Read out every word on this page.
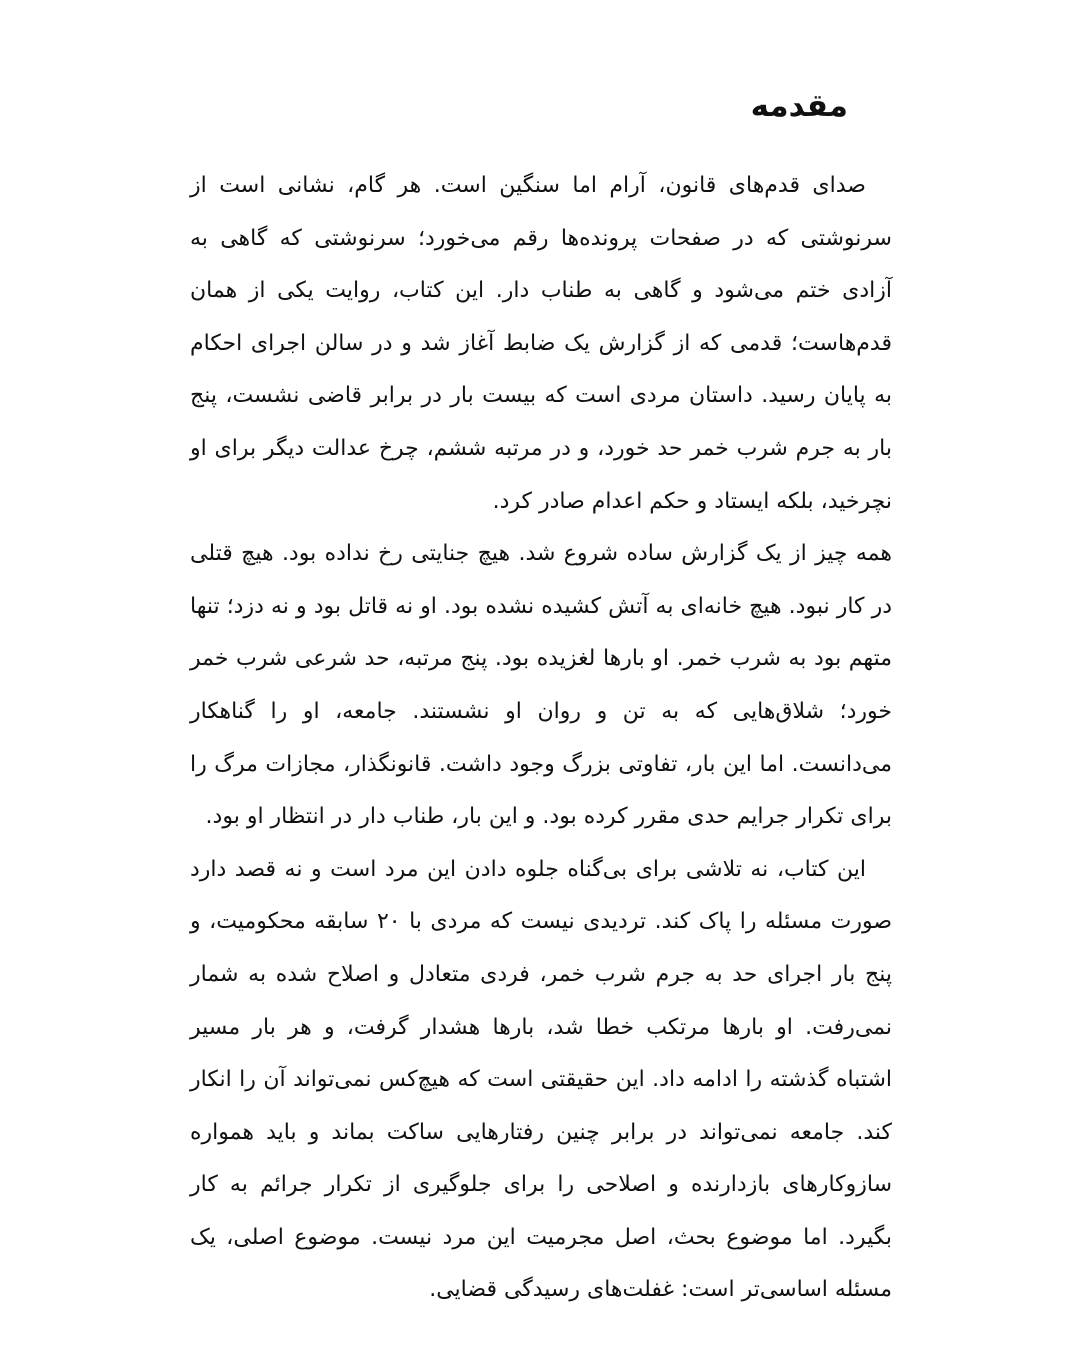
مقدمه

صدای قدم‌های قانون، آرام اما سنگین است. هر گام، نشانی است از سرنوشتی که در صفحات پرونده‌ها رقم می‌خورد؛ سرنوشتی که گاهی به آزادی ختم می‌شود و گاهی به طناب دار. این کتاب، روایت یکی از همان قدم‌هاست؛ قدمی که از گزارش یک ضابط آغاز شد و در سالن اجرای احکام به پایان رسید. داستان مردی است که بیست بار در برابر قاضی نشست، پنج بار به جرم شرب خمر حد خورد، و در مرتبه ششم، چرخ عدالت دیگر برای او نچرخید، بلکه ایستاد و حکم اعدام صادر کرد.

همه چیز از یک گزارش ساده شروع شد. هیچ جنایتی رخ نداده بود. هیچ قتلی در کار نبود. هیچ خانه‌ای به آتش کشیده نشده بود. او نه قاتل بود و نه دزد؛ تنها متهم بود به شرب خمر. او بارها لغزیده بود. پنج مرتبه، حد شرعی شرب خمر خورد؛ شلاق‌هایی که به تن و روان او نشستند. جامعه، او را گناهکار می‌دانست. اما این بار، تفاوتی بزرگ وجود داشت. قانونگذار، مجازات مرگ را برای تکرار جرایم حدی مقرر کرده بود. و این بار، طناب دار در انتظار او بود.

این کتاب، نه تلاشی برای بی‌گناه جلوه دادن این مرد است و نه قصد دارد صورت مسئله را پاک کند. تردیدی نیست که مردی با ۲۰ سابقه محکومیت، و پنج بار اجرای حد به جرم شرب خمر، فردی متعادل و اصلاح شده به شمار نمی‌رفت. او بارها مرتکب خطا شد، بارها هشدار گرفت، و هر بار مسیر اشتباه گذشته را ادامه داد. این حقیقتی است که هیچ‌کس نمی‌تواند آن را انکار کند. جامعه نمی‌تواند در برابر چنین رفتارهایی ساکت بماند و باید همواره سازوکارهای بازدارنده و اصلاحی را برای جلوگیری از تکرار جرائم به کار بگیرد. اما موضوع بحث، اصل مجرمیت این مرد نیست. موضوع اصلی، یک مسئله اساسی‌تر است: غفلت‌های رسیدگی قضایی.
